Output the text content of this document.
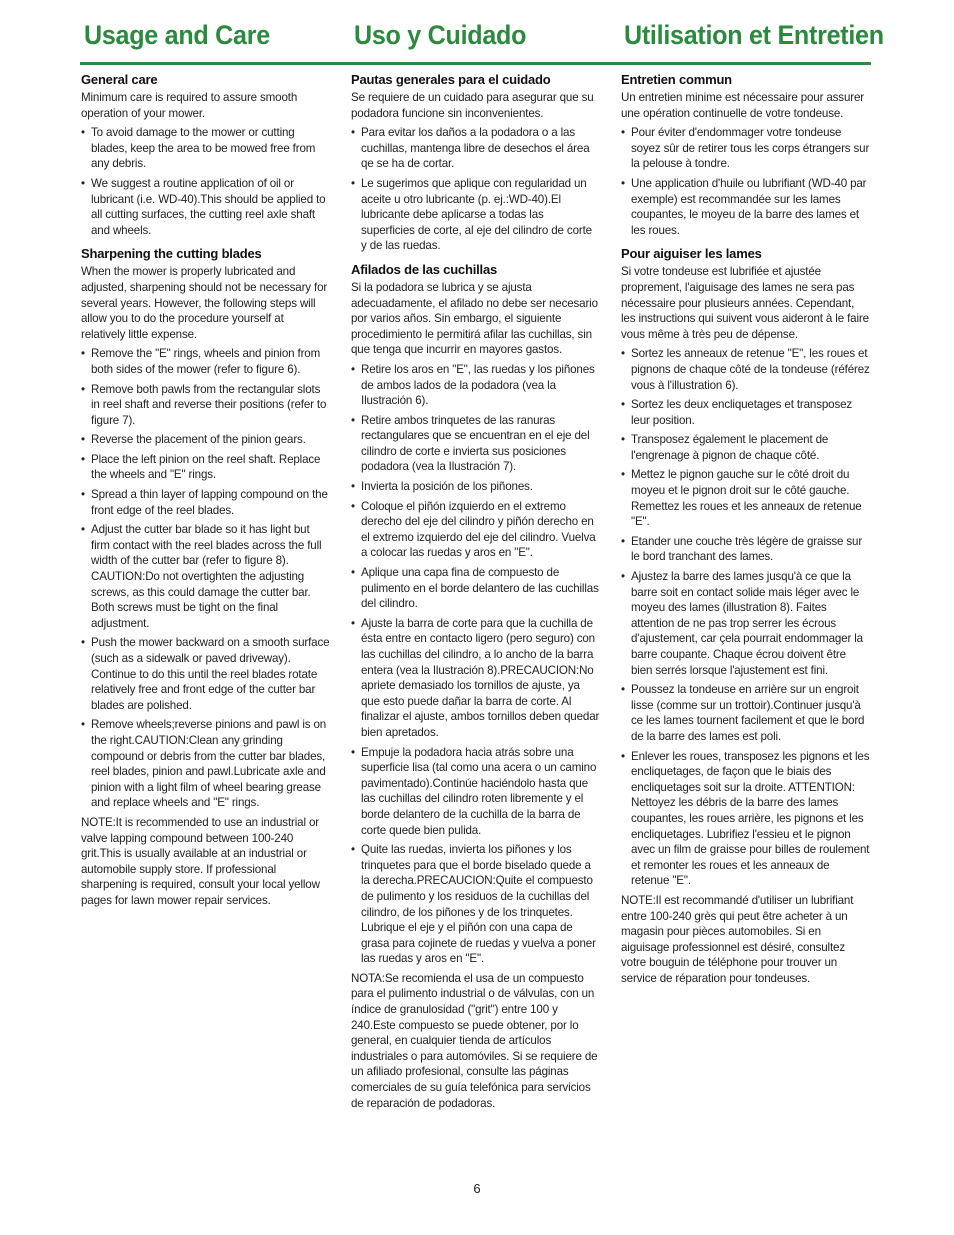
Usage and Care	Uso y Cuidado	Utilisation et Entretien
General care
Minimum care is required to assure smooth operation of your mower.
• To avoid damage to the mower or cutting blades, keep the area to be mowed free from any debris.
• We suggest a routine application of oil or lubricant (i.e. WD-40).This should be applied to all cutting surfaces, the cutting reel axle shaft and wheels.
Sharpening the cutting blades
When the mower is properly lubricated and adjusted, sharpening should not be necessary for several years. However, the following steps will allow you to do the procedure yourself at relatively little expense.
• Remove the "E" rings, wheels and pinion from both sides of the mower (refer to figure 6).
• Remove both pawls from the rectangular slots in reel shaft and reverse their positions (refer to figure 7).
• Reverse the placement of the pinion gears.
• Place the left pinion on the reel shaft. Replace the wheels and "E" rings.
• Spread a thin layer of lapping compound on the front edge of the reel blades.
• Adjust the cutter bar blade so it has light but firm contact with the reel blades across the full width of the cutter bar (refer to figure 8). CAUTION:Do not overtighten the adjusting screws, as this could damage the cutter bar. Both screws must be tight on the final adjustment.
• Push the mower backward on a smooth surface (such as a sidewalk or paved driveway). Continue to do this until the reel blades rotate relatively free and front edge of the cutter bar blades are polished.
• Remove wheels;reverse pinions and pawl is on the right.CAUTION:Clean any grinding compound or debris from the cutter bar blades, reel blades, pinion and pawl.Lubricate axle and pinion with a light film of wheel bearing grease and replace wheels and "E" rings.
NOTE:It is recommended to use an industrial or valve lapping compound between 100-240 grit.This is usually available at an industrial or automobile supply store. If professional sharpening is required, consult your local yellow pages for lawn mower repair services.
Pautas generales para el cuidado
Se requiere de un cuidado para asegurar que su podadora funcione sin inconvenientes.
• Para evitar los daños a la podadora o a las cuchillas, mantenga libre de desechos el área qe se ha de cortar.
• Le sugerimos que aplique con regularidad un aceite u otro lubricante (p. ej.:WD-40).El lubricante debe aplicarse a todas las superficies de corte, al eje del cilindro de corte y de las ruedas.
Afilados de las cuchillas
Si la podadora se lubrica y se ajusta adecuadamente, el afilado no debe ser necesario por varios años. Sin embargo, el siguiente procedimiento le permitirá afilar las cuchillas, sin que tenga que incurrir en mayores gastos.
• Retire los aros en "E", las ruedas y los piñones de ambos lados de la podadora (vea la Ilustración 6).
• Retire ambos trinquetes de las ranuras rectangulares que se encuentran en el eje del cilindro de corte e invierta sus posiciones podadora (vea la Ilustración 7).
• Invierta la posición de los piñones.
• Coloque el piñón izquierdo en el extremo derecho del eje del cilindro y piñón derecho en el extremo izquierdo del eje del cilindro. Vuelva a colocar las ruedas y aros en "E".
• Aplique una capa fina de compuesto de pulimento en el borde delantero de las cuchillas del cilindro.
• Ajuste la barra de corte para que la cuchilla de ésta entre en contacto ligero (pero seguro) con las cuchillas del cilindro, a lo ancho de la barra entera (vea la Ilustración 8).PRECAUCION:No apriete demasiado los tornillos de ajuste, ya que esto puede dañar la barra de corte. Al finalizar el ajuste, ambos tornillos deben quedar bien apretados.
• Empuje la podadora hacia atrás sobre una superficie lisa (tal como una acera o un camino pavimentado).Continúe haciéndolo hasta que las cuchillas del cilindro roten libremente y el borde delantero de la cuchilla de la barra de corte quede bien pulida.
• Quite las ruedas, invierta los piñones y los trinquetes para que el borde biselado quede a la derecha.PRECAUCION:Quite el compuesto de pulimento y los residuos de la cuchillas del cilindro, de los piñones y de los trinquetes. Lubrique el eje y el piñón con una capa de grasa para cojinete de ruedas y vuelva a poner las ruedas y aros en "E".
NOTA:Se recomienda el usa de un compuesto para el pulimento industrial o de válvulas, con un índice de granulosidad ("grit") entre 100 y 240.Este compuesto se puede obtener, por lo general, en cualquier tienda de artículos industriales o para automóviles. Si se requiere de un afiliado profesional, consulte las páginas comerciales de su guía telefónica para servicios de reparación de podadoras.
Entretien commun
Un entretien minime est nécessaire pour assurer une opération continuelle de votre tondeuse.
• Pour éviter d'endommager votre tondeuse soyez sûr de retirer tous les corps étrangers sur la pelouse à tondre.
• Une application d'huile ou lubrifiant (WD-40 par exemple) est recommandée sur les lames coupantes, le moyeu de la barre des lames et les roues.
Pour aiguiser les lames
Si votre tondeuse est lubrifiée et ajustée proprement, l'aiguisage des lames ne sera pas nécessaire pour plusieurs années. Cependant, les instructions qui suivent vous aideront à le faire vous même à très peu de dépense.
• Sortez les anneaux de retenue "E", les roues et pignons de chaque côté de la tondeuse (référez vous à l'illustration 6).
• Sortez les deux encliquetages et transposez leur position.
• Transposez également le placement de l'engrenage à pignon de chaque côté.
• Mettez le pignon gauche sur le côté droit du moyeu et le pignon droit sur le côté gauche. Remettez les roues et les anneaux de retenue "E".
• Etander une couche très légère de graisse sur le bord tranchant des lames.
• Ajustez la barre des lames jusqu'à ce que la barre soit en contact solide mais léger avec le moyeu des lames (illustration 8). Faites attention de ne pas trop serrer les écrous d'ajustement, car çela pourrait endommager la barre coupante. Chaque écrou doivent être bien serrés lorsque l'ajustement est fini.
• Poussez la tondeuse en arrière sur un engroit lisse (comme sur un trottoir).Continuer jusqu'à ce les lames tournent facilement et que le bord de la barre des lames est poli.
• Enlever les roues, transposez les pignons et les encliquetages, de façon que le biais des encliquetages soit sur la droite. ATTENTION: Nettoyez les débris de la barre des lames coupantes, les roues arrière, les pignons et les encliquetages. Lubrifiez l'essieu et le pignon avec un film de graisse pour billes de roulement et remonter les roues et les anneaux de retenue "E".
NOTE:Il est recommandé d'utiliser un lubrifiant entre 100-240 grès qui peut être acheter à un magasin pour pièces automobiles. Si en aiguisage professionnel est désiré, consultez votre bouguin de téléphone pour trouver un service de réparation pour tondeuses.
6
